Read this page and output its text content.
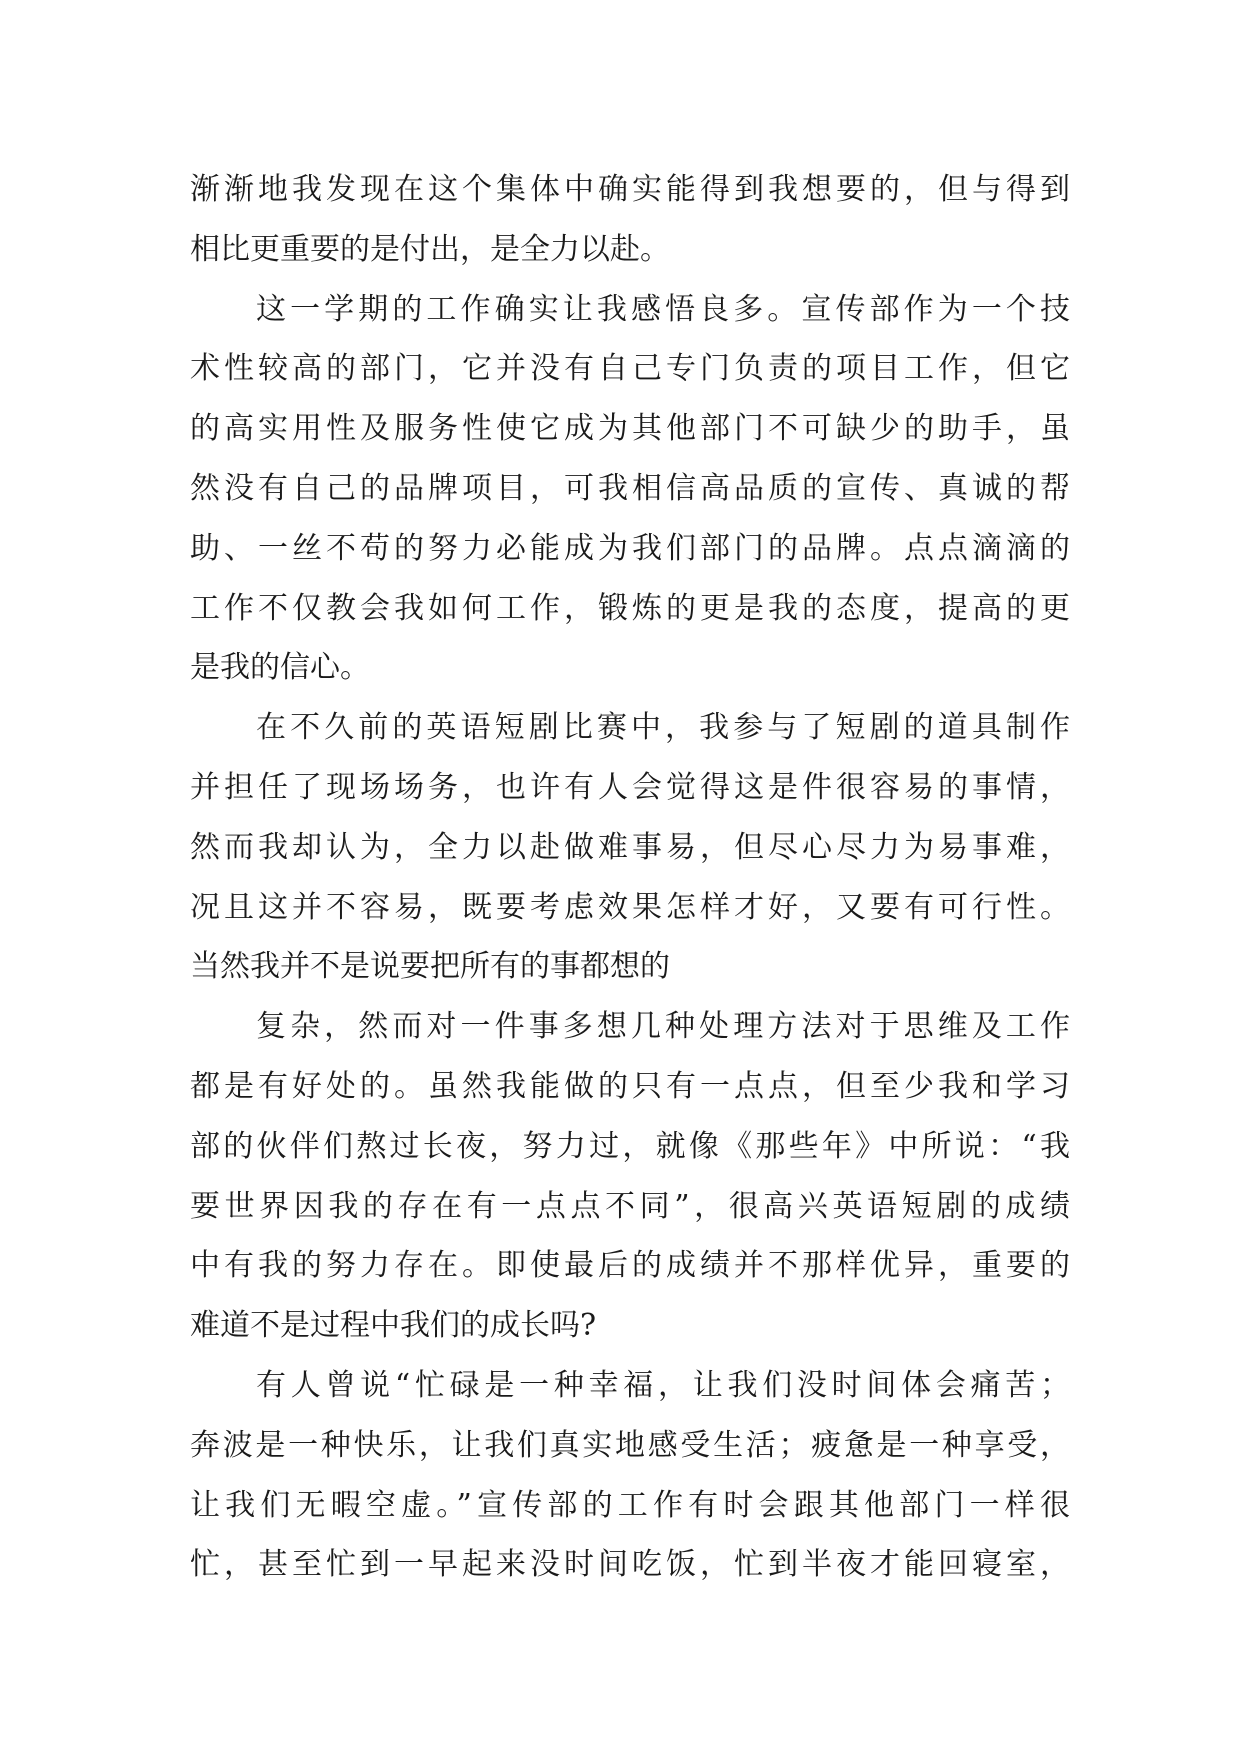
渐渐地我发现在这个集体中确实能得到我想要的，但与得到
相比更重要的是付出，是全力以赴。
这一学期的工作确实让我感悟良多。宣传部作为一个技
术性较高的部门，它并没有自己专门负责的项目工作，但它
的高实用性及服务性使它成为其他部门不可缺少的助手，虽
然没有自己的品牌项目，可我相信高品质的宣传、真诚的帮
助、一丝不苟的努力必能成为我们部门的品牌。点点滴滴的
工作不仅教会我如何工作，锻炼的更是我的态度，提高的更
是我的信心。
在不久前的英语短剧比赛中，我参与了短剧的道具制作
并担任了现场场务，也许有人会觉得这是件很容易的事情，
然而我却认为，全力以赴做难事易，但尽心尽力为易事难，
况且这并不容易，既要考虑效果怎样才好，又要有可行性。
当然我并不是说要把所有的事都想的
复杂，然而对一件事多想几种处理方法对于思维及工作
都是有好处的。虽然我能做的只有一点点，但至少我和学习
部的伙伴们熬过长夜，努力过，就像《那些年》中所说：“我
要世界因我的存在有一点点不同”，很高兴英语短剧的成绩
中有我的努力存在。即使最后的成绩并不那样优异，重要的
难道不是过程中我们的成长吗?
有人曾说“忙碌是一种幸福，让我们没时间体会痛苦；
奔波是一种快乐，让我们真实地感受生活；疲惫是一种享受，
让我们无暇空虚。”宣传部的工作有时会跟其他部门一样很
忙，甚至忙到一早起来没时间吃饭，忙到半夜才能回寝室，
